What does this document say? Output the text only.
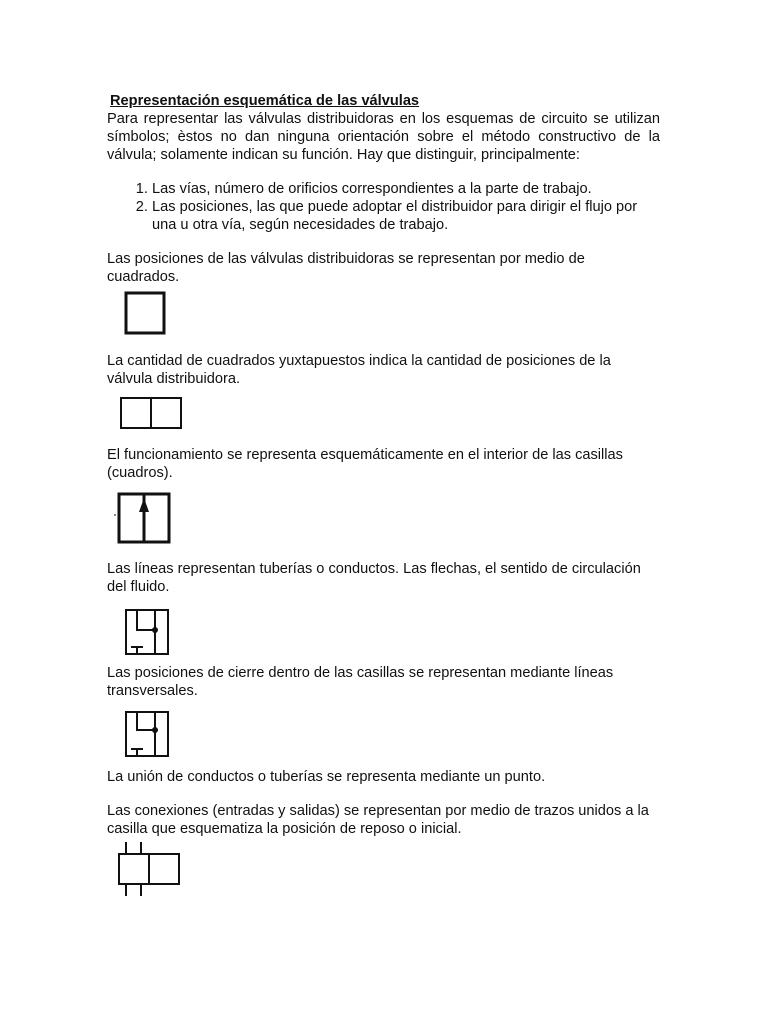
Representación esquemática de las válvulas

Para representar las válvulas distribuidoras en los esquemas de circuito se utilizan símbolos; èstos no dan ninguna orientación sobre el método constructivo de la válvula; solamente indican su función. Hay que distinguir, principalmente:

1. Las vías, número de orificios correspondientes a la parte de trabajo.
2. Las posiciones, las que puede adoptar el distribuidor para dirigir el flujo por una u otra vía, según necesidades de trabajo.

Las posiciones de las válvulas distribuidoras se representan por medio de cuadrados.

La cantidad de cuadrados yuxtapuestos indica la cantidad de posiciones de la válvula distribuidora.

El funcionamiento se representa esquemáticamente en el interior de las casillas (cuadros).

Las líneas representan tuberías o conductos. Las flechas, el sentido de circulación del fluido.

Las posiciones de cierre dentro de las casillas se representan mediante líneas transversales.

La unión de conductos o tuberías se representa mediante un punto.

Las conexiones (entradas y salidas) se representan por medio de trazos unidos a la casilla que esquematiza la posición de reposo o inicial.
